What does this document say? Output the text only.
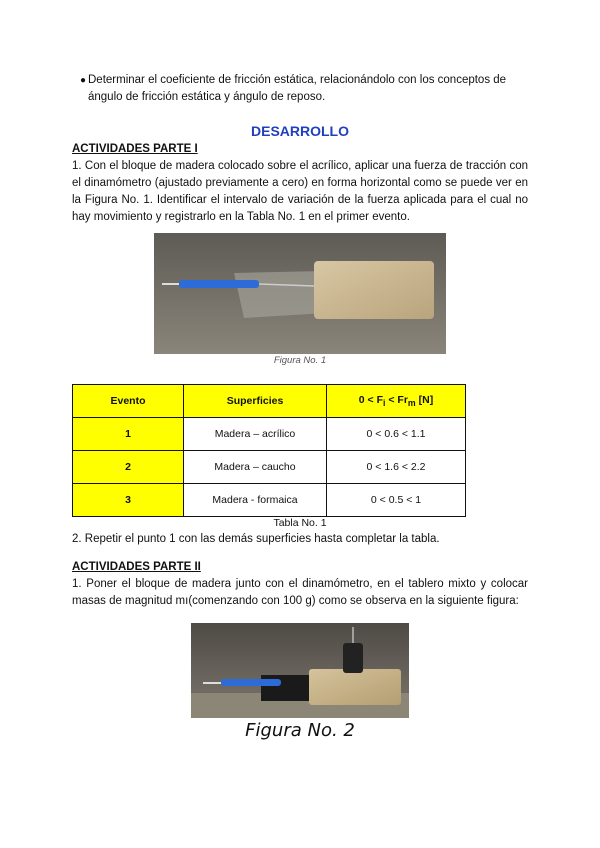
● Determinar el coeficiente de fricción estática, relacionándolo con los conceptos de ángulo de fricción estática y ángulo de reposo.
DESARROLLO
ACTIVIDADES PARTE I
1. Con el bloque de madera colocado sobre el acrílico, aplicar una fuerza de tracción con el dinamómetro (ajustado previamente a cero) en forma horizontal como se puede ver en la Figura No. 1. Identificar el intervalo de variación de la fuerza aplicada para el cual no hay movimiento y registrarlo en la Tabla No. 1 en el primer evento.
Figura No. 1
Evento	Superficies	$0 < F_i < Fr_m$ [N]
1	Madera – acrílico	0 < 0.6 < 1.1
2	Madera – caucho	0 < 1.6 < 2.2
3	Madera - formaica	0 < 0.5 < 1
Tabla No. 1
2. Repetir el punto 1 con las demás superficies hasta completar la tabla.
ACTIVIDADES PARTE II
1. Poner el bloque de madera junto con el dinamómetro, en el tablero mixto y colocar masas de magnitud mı(comenzando con 100 g) como se observa en la siguiente figura:
Figura No. 2
